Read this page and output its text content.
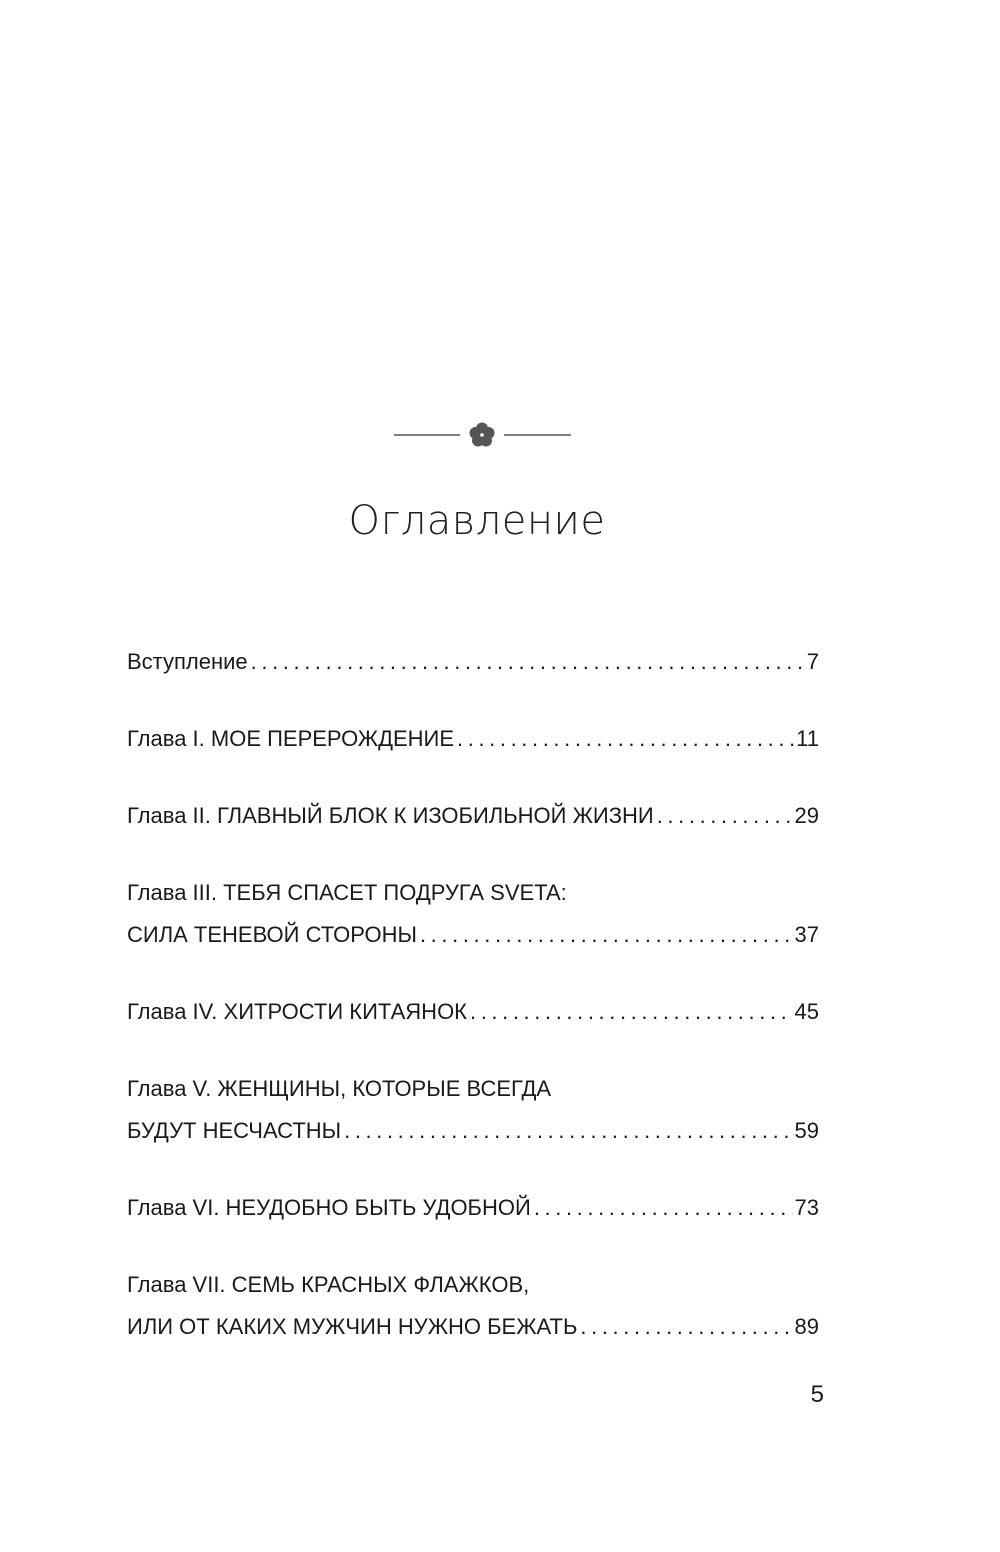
Оглавление
Вступление .....	7
Глава I. МОЕ ПЕРЕРОЖДЕНИЕ .....	11
Глава II. ГЛАВНЫЙ БЛОК К ИЗОБИЛЬНОЙ ЖИЗНИ .....	29
Глава III. ТЕБЯ СПАСЕТ ПОДРУГА SVETA:
СИЛА ТЕНЕВОЙ СТОРОНЫ .....	37
Глава IV. ХИТРОСТИ КИТАЯНОК .....	45
Глава V. ЖЕНЩИНЫ, КОТОРЫЕ ВСЕГДА
БУДУТ НЕСЧАСТНЫ .....	59
Глава VI. НЕУДОБНО БЫТЬ УДОБНОЙ .....	73
Глава VII. СЕМЬ КРАСНЫХ ФЛАЖКОВ,
ИЛИ ОТ КАКИХ МУЖЧИН НУЖНО БЕЖАТЬ .....	89
5
